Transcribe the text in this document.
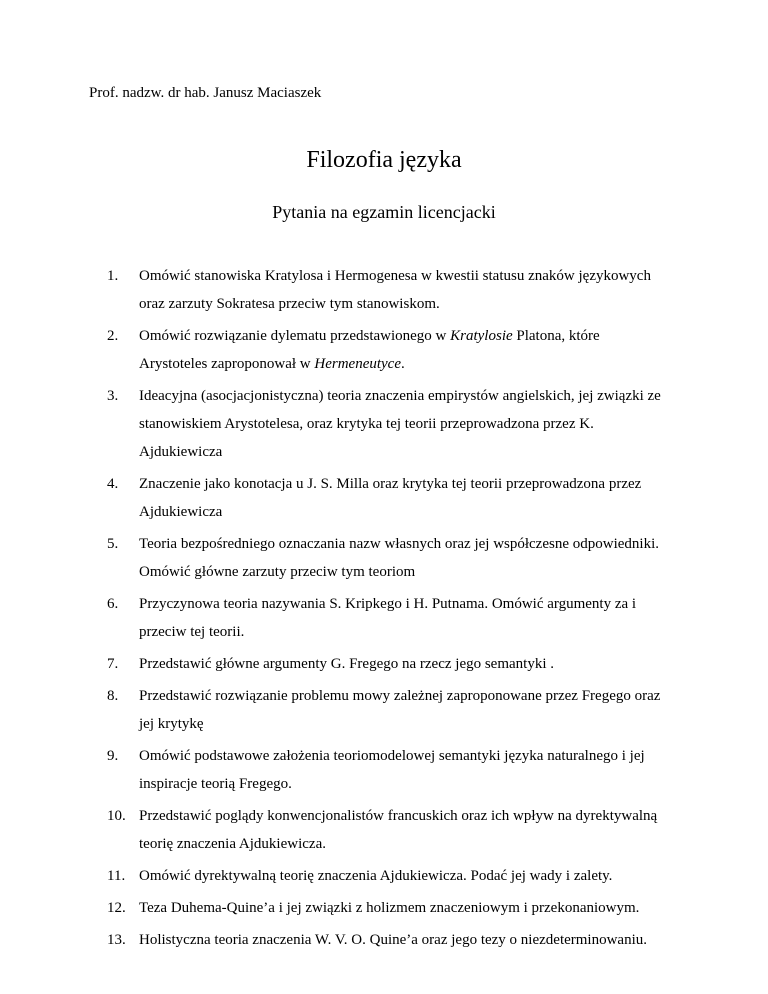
Prof. nadzw. dr hab. Janusz Maciaszek
Filozofia języka
Pytania na egzamin licencjacki
1. Omówić stanowiska Kratylosa i Hermogenesa w kwestii statusu znaków językowych
oraz zarzuty Sokratesa przeciw tym stanowiskom.
2. Omówić rozwiązanie dylematu przedstawionego w Kratylosie Platona, które
Arystoteles zaproponował w Hermeneutyce.
3. Ideacyjna (asocjacjonistyczna) teoria znaczenia empirystów angielskich, jej związki ze
stanowiskiem Arystotelesa, oraz krytyka tej teorii przeprowadzona przez K.
Ajdukiewicza
4. Znaczenie jako konotacja u J. S. Milla oraz krytyka tej teorii przeprowadzona przez
Ajdukiewicza
5. Teoria bezpośredniego oznaczania nazw własnych oraz jej współczesne odpowiedniki.
Omówić główne zarzuty przeciw tym teoriom
6. Przyczynowa teoria nazywania S. Kripkego i H. Putnama. Omówić argumenty za i
przeciw tej teorii.
7. Przedstawić główne argumenty G. Fregego na rzecz jego semantyki .
8. Przedstawić rozwiązanie problemu mowy zależnej zaproponowane przez Fregego oraz
jej krytykę
9. Omówić podstawowe założenia teoriomodelowej semantyki języka naturalnego i jej
inspiracje teorią Fregego.
10. Przedstawić poglądy konwencjonalistów francuskich oraz ich wpływ na dyrektywalną
teorię znaczenia Ajdukiewicza.
11. Omówić dyrektywalną teorię znaczenia Ajdukiewicza. Podać jej wady i zalety.
12. Teza Duhema-Quine’a i jej związki z holizmem znaczeniowym i przekonaniowym.
13. Holistyczna teoria znaczenia W. V. O. Quine’a oraz jego tezy o niezdeterminowaniu.
